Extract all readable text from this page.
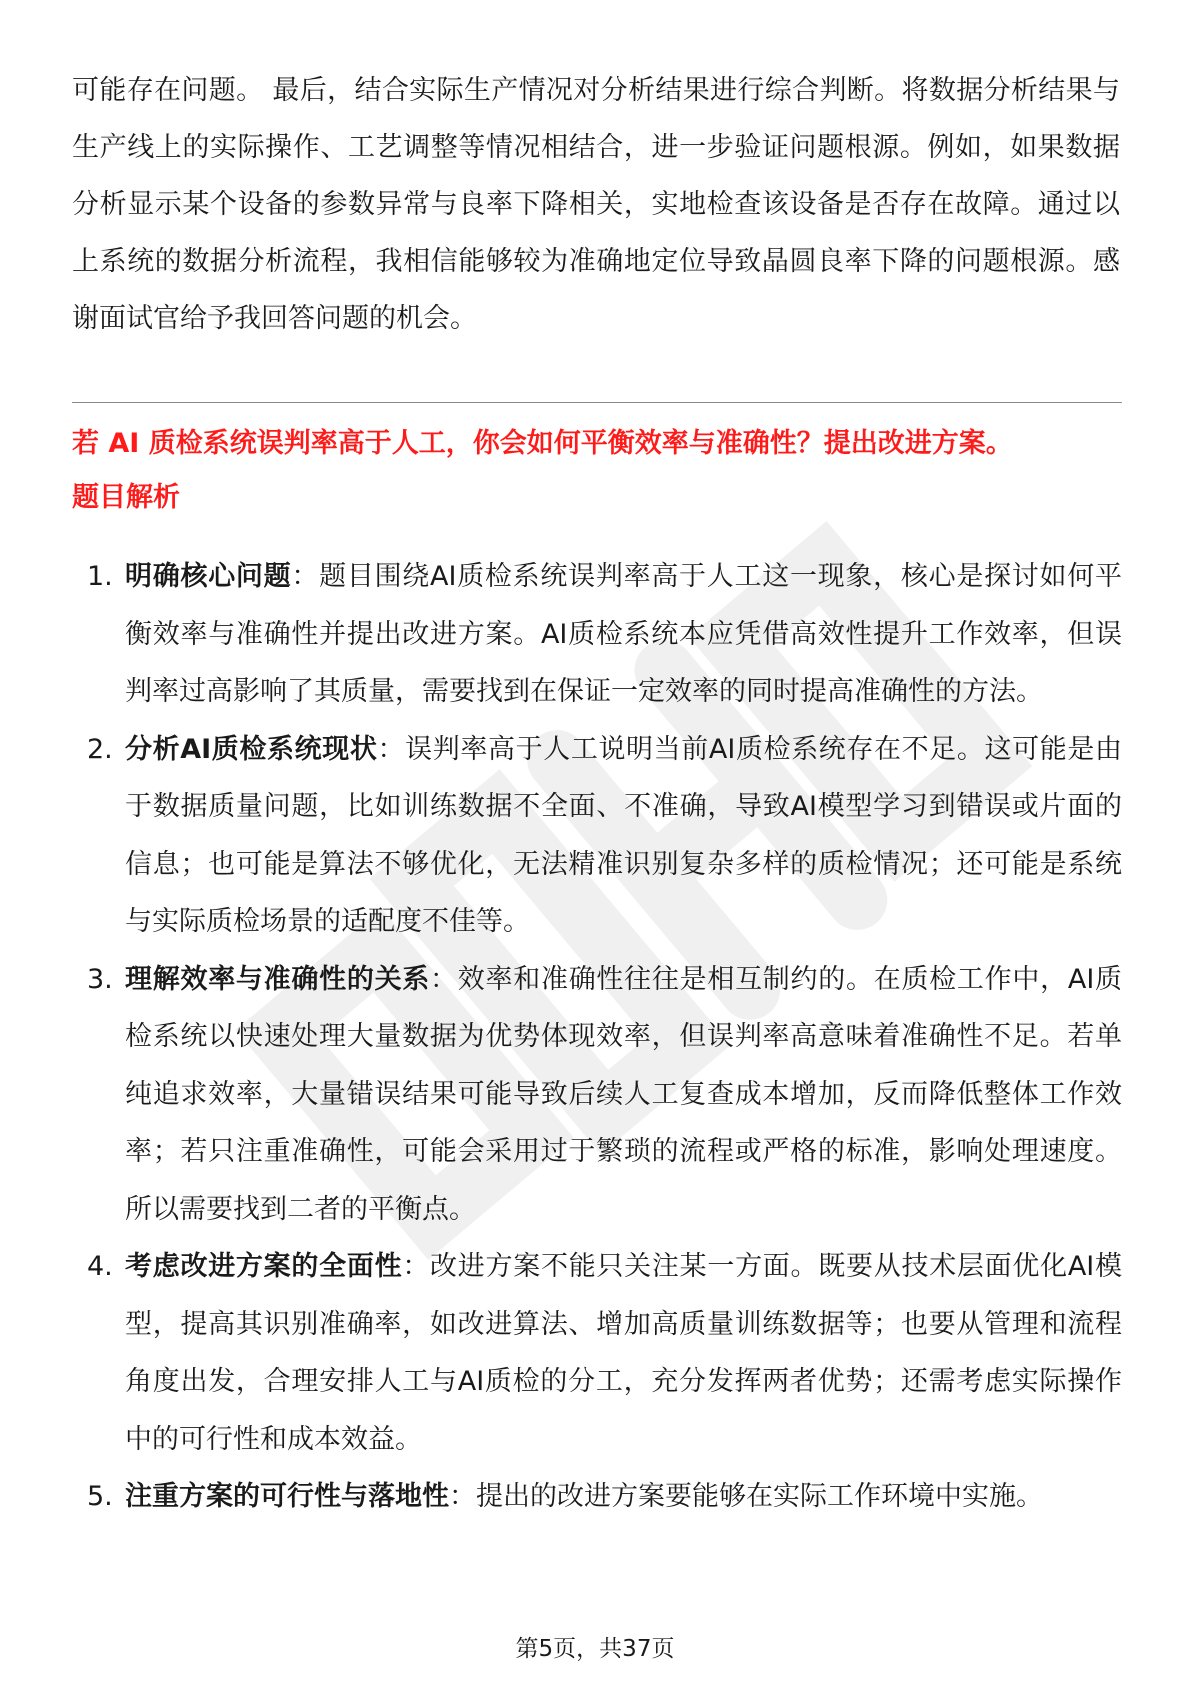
可能存在问题。 最后，结合实际生产情况对分析结果进行综合判断。将数据分析结果与生产线上的实际操作、工艺调整等情况相结合，进一步验证问题根源。例如，如果数据分析显示某个设备的参数异常与良率下降相关，实地检查该设备是否存在故障。通过以上系统的数据分析流程，我相信能够较为准确地定位导致晶圆良率下降的问题根源。感谢面试官给予我回答问题的机会。

若 AI 质检系统误判率高于人工，你会如何平衡效率与准确性？提出改进方案。
题目解析
1. 明确核心问题：题目围绕AI质检系统误判率高于人工这一现象，核心是探讨如何平衡效率与准确性并提出改进方案。AI质检系统本应凭借高效性提升工作效率，但误判率过高影响了其质量，需要找到在保证一定效率的同时提高准确性的方法。
2. 分析AI质检系统现状：误判率高于人工说明当前AI质检系统存在不足。这可能是由于数据质量问题，比如训练数据不全面、不准确，导致AI模型学习到错误或片面的信息；也可能是算法不够优化，无法精准识别复杂多样的质检情况；还可能是系统与实际质检场景的适配度不佳等。
3. 理解效率与准确性的关系：效率和准确性往往是相互制约的。在质检工作中，AI质检系统以快速处理大量数据为优势体现效率，但误判率高意味着准确性不足。若单纯追求效率，大量错误结果可能导致后续人工复查成本增加，反而降低整体工作效率；若只注重准确性，可能会采用过于繁琐的流程或严格的标准，影响处理速度。所以需要找到二者的平衡点。
4. 考虑改进方案的全面性：改进方案不能只关注某一方面。既要从技术层面优化AI模型，提高其识别准确率，如改进算法、增加高质量训练数据等；也要从管理和流程角度出发，合理安排人工与AI质检的分工，充分发挥两者优势；还需考虑实际操作中的可行性和成本效益。
5. 注重方案的可行性与落地性：提出的改进方案要能够在实际工作环境中实施。
第5页，共37页
